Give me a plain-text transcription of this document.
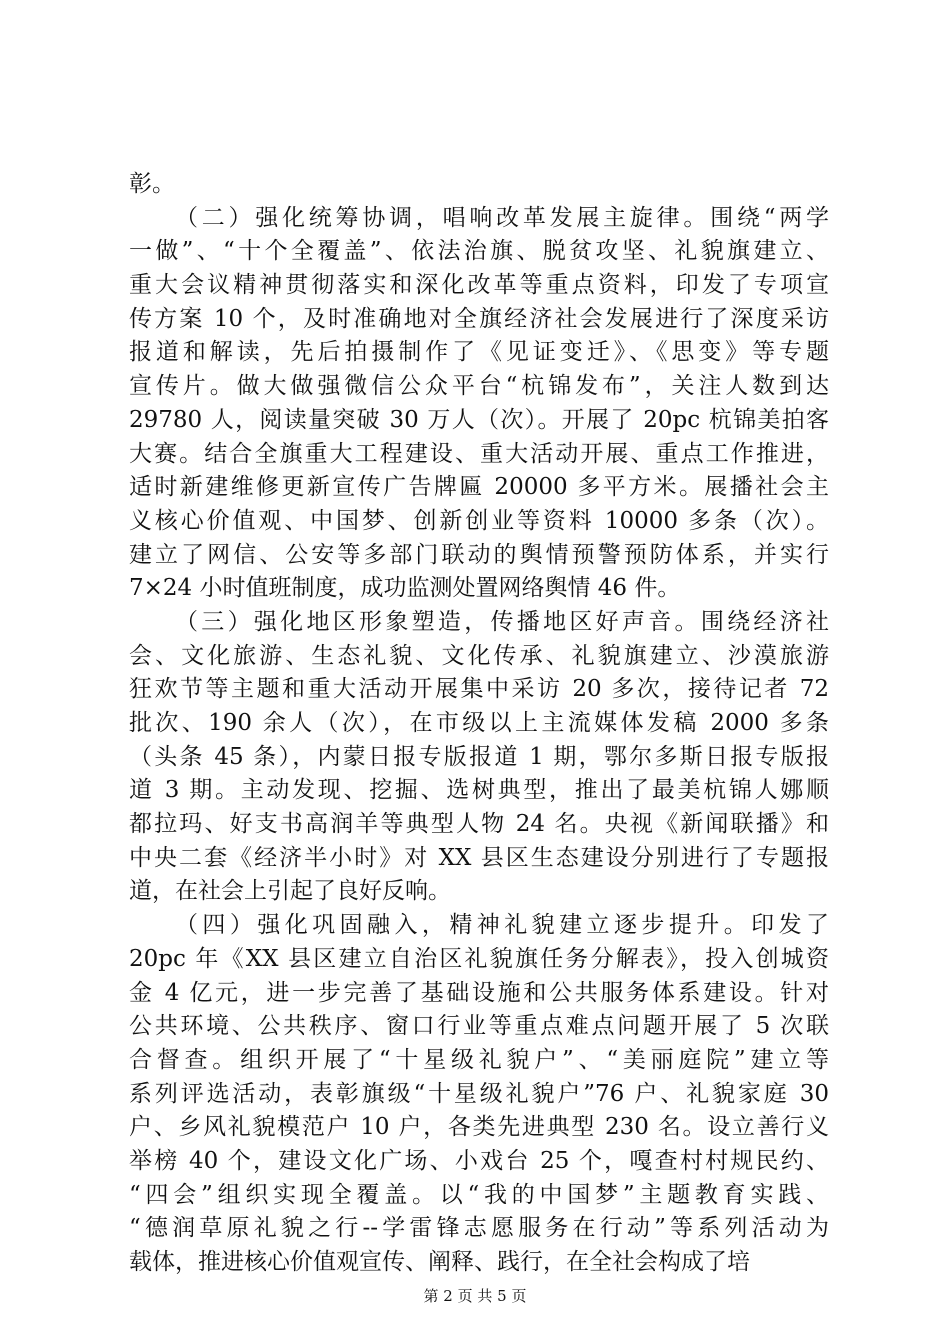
彰。
（二）强化统筹协调，唱响改革发展主旋律。围绕“两学
一做”、“十个全覆盖”、依法治旗、脱贫攻坚、礼貌旗建立、
重大会议精神贯彻落实和深化改革等重点资料，印发了专项宣
传方案 10 个，及时准确地对全旗经济社会发展进行了深度采访
报道和解读，先后拍摄制作了《见证变迁》、《思变》等专题
宣传片。做大做强微信公众平台“杭锦发布”，关注人数到达
29780 人，阅读量突破 30 万人（次）。开展了 20pc 杭锦美拍客
大赛。结合全旗重大工程建设、重大活动开展、重点工作推进，
适时新建维修更新宣传广告牌匾 20000 多平方米。展播社会主
义核心价值观、中国梦、创新创业等资料 10000 多条（次）。
建立了网信、公安等多部门联动的舆情预警预防体系，并实行
7×24 小时值班制度，成功监测处置网络舆情 46 件。
（三）强化地区形象塑造，传播地区好声音。围绕经济社
会、文化旅游、生态礼貌、文化传承、礼貌旗建立、沙漠旅游
狂欢节等主题和重大活动开展集中采访 20 多次，接待记者 72
批次、190 余人（次），在市级以上主流媒体发稿 2000 多条
（头条 45 条），内蒙日报专版报道 1 期，鄂尔多斯日报专版报
道 3 期。主动发现、挖掘、选树典型，推出了最美杭锦人娜顺
都拉玛、好支书高润羊等典型人物 24 名。央视《新闻联播》和
中央二套《经济半小时》对 XX 县区生态建设分别进行了专题报
道，在社会上引起了良好反响。
（四）强化巩固融入，精神礼貌建立逐步提升。印发了
20pc 年《XX 县区建立自治区礼貌旗任务分解表》，投入创城资
金 4 亿元，进一步完善了基础设施和公共服务体系建设。针对
公共环境、公共秩序、窗口行业等重点难点问题开展了 5 次联
合督查。组织开展了“十星级礼貌户”、“美丽庭院”建立等
系列评选活动，表彰旗级“十星级礼貌户”76 户、礼貌家庭 30
户、乡风礼貌模范户 10 户，各类先进典型 230 名。设立善行义
举榜 40 个，建设文化广场、小戏台 25 个，嘎查村村规民约、
“四会”组织实现全覆盖。以“我的中国梦”主题教育实践、
“德润草原礼貌之行--学雷锋志愿服务在行动”等系列活动为
载体，推进核心价值观宣传、阐释、践行，在全社会构成了培
第 2 页 共 5 页
